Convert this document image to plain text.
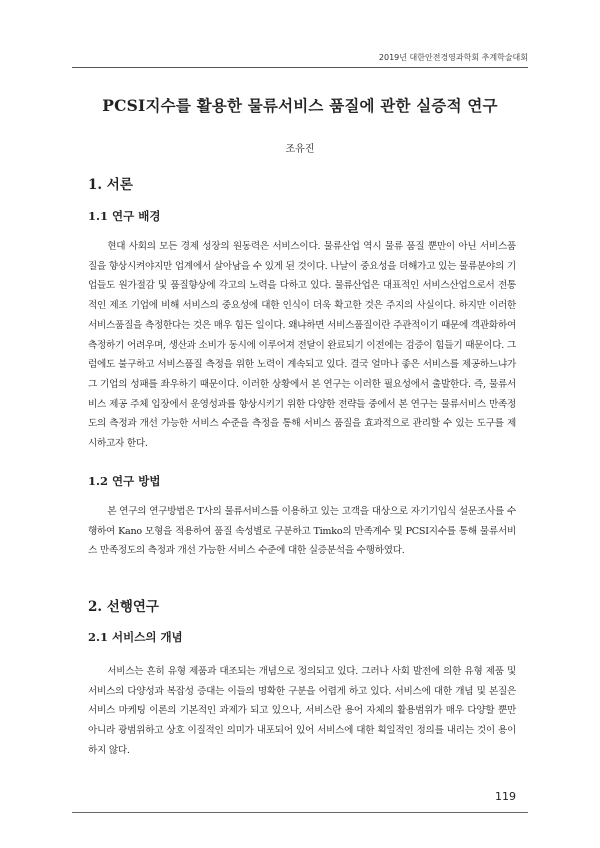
2019년 대한안전경영과학회 추계학술대회
PCSI지수를 활용한 물류서비스 품질에 관한 실증적 연구
조유진
1. 서론
1.1 연구 배경

현대 사회의 모든 경제 성장의 원동력은 서비스이다. 물류산업 역시 물류 품질 뿐만이 아닌 서비스품질을 향상시켜야지만 업계에서 살아남을 수 있게 된 것이다. 나날이 중요성을 더해가고 있는 물류분야의 기업들도 원가절감 및 품질향상에 각고의 노력을 다하고 있다. 물류산업은 대표적인 서비스산업으로서 전통적인 제조 기업에 비해 서비스의 중요성에 대한 인식이 더욱 확고한 것은 주지의 사실이다. 하지만 이러한 서비스품질을 측정한다는 것은 매우 힘든 일이다. 왜냐하면 서비스품질이란 주관적이기 때문에 객관화하여 측정하기 어려우며, 생산과 소비가 동시에 이루어져 전달이 완료되기 이전에는 검증이 힘들기 때문이다. 그럼에도 불구하고 서비스품질 측정을 위한 노력이 계속되고 있다. 결국 얼마나 좋은 서비스를 제공하느냐가 그 기업의 성패를 좌우하기 때문이다. 이러한 상황에서 본 연구는 이러한 필요성에서 출발한다. 즉, 물류서비스 제공 주체 입장에서 운영성과를 향상시키기 위한 다양한 전략들 중에서 본 연구는 물류서비스 만족정도의 측정과 개선 가능한 서비스 수준을 측정을 통해 서비스 품질을 효과적으로 관리할 수 있는 도구를 제시하고자 한다.

1.2 연구 방법

본 연구의 연구방법은 T사의 물류서비스를 이용하고 있는 고객을 대상으로 자기기입식 설문조사를 수행하여 Kano 모형을 적용하여 품질 속성별로 구분하고 Timko의 만족계수 및 PCSI지수를 통해 물류서비스 만족정도의 측정과 개선 가능한 서비스 수준에 대한 실증분석을 수행하였다.

2. 선행연구
2.1 서비스의 개념

서비스는 흔히 유형 제품과 대조되는 개념으로 정의되고 있다. 그러나 사회 발전에 의한 유형 제품 및 서비스의 다양성과 복잡성 증대는 이들의 명확한 구분을 어렵게 하고 있다. 서비스에 대한 개념 및 본질은 서비스 마케팅 이론의 기본적인 과제가 되고 있으나, 서비스란 용어 자체의 활용범위가 매우 다양할 뿐만 아니라 광범위하고 상호 이질적인 의미가 내포되어 있어 서비스에 대한 획일적인 정의를 내리는 것이 용이하지 않다.

119
